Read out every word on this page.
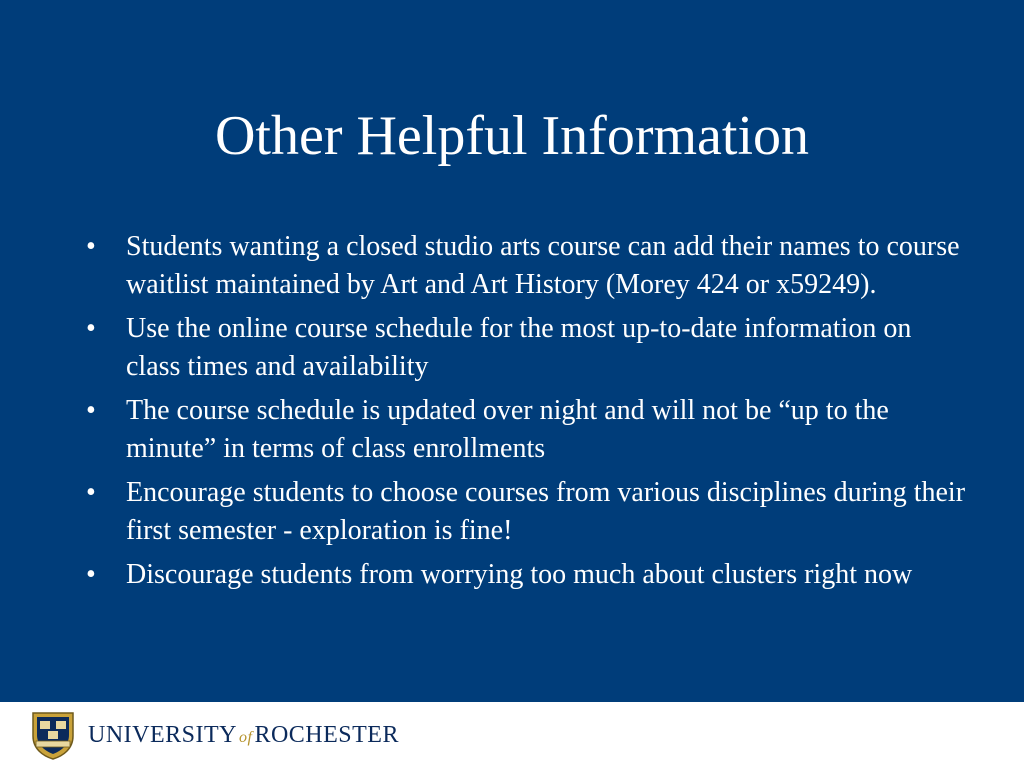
Other Helpful Information
• Students wanting a closed studio arts course can add their names to course waitlist maintained by Art and Art History (Morey 424 or x59249).
• Use the online course schedule for the most up-to-date information on class times and availability
• The course schedule is updated over night and will not be “up to the minute” in terms of class enrollments
• Encourage students to choose courses from various disciplines during their first semester - exploration is fine!
• Discourage students from worrying too much about clusters right now
UNIVERSITY ofROCHESTER
